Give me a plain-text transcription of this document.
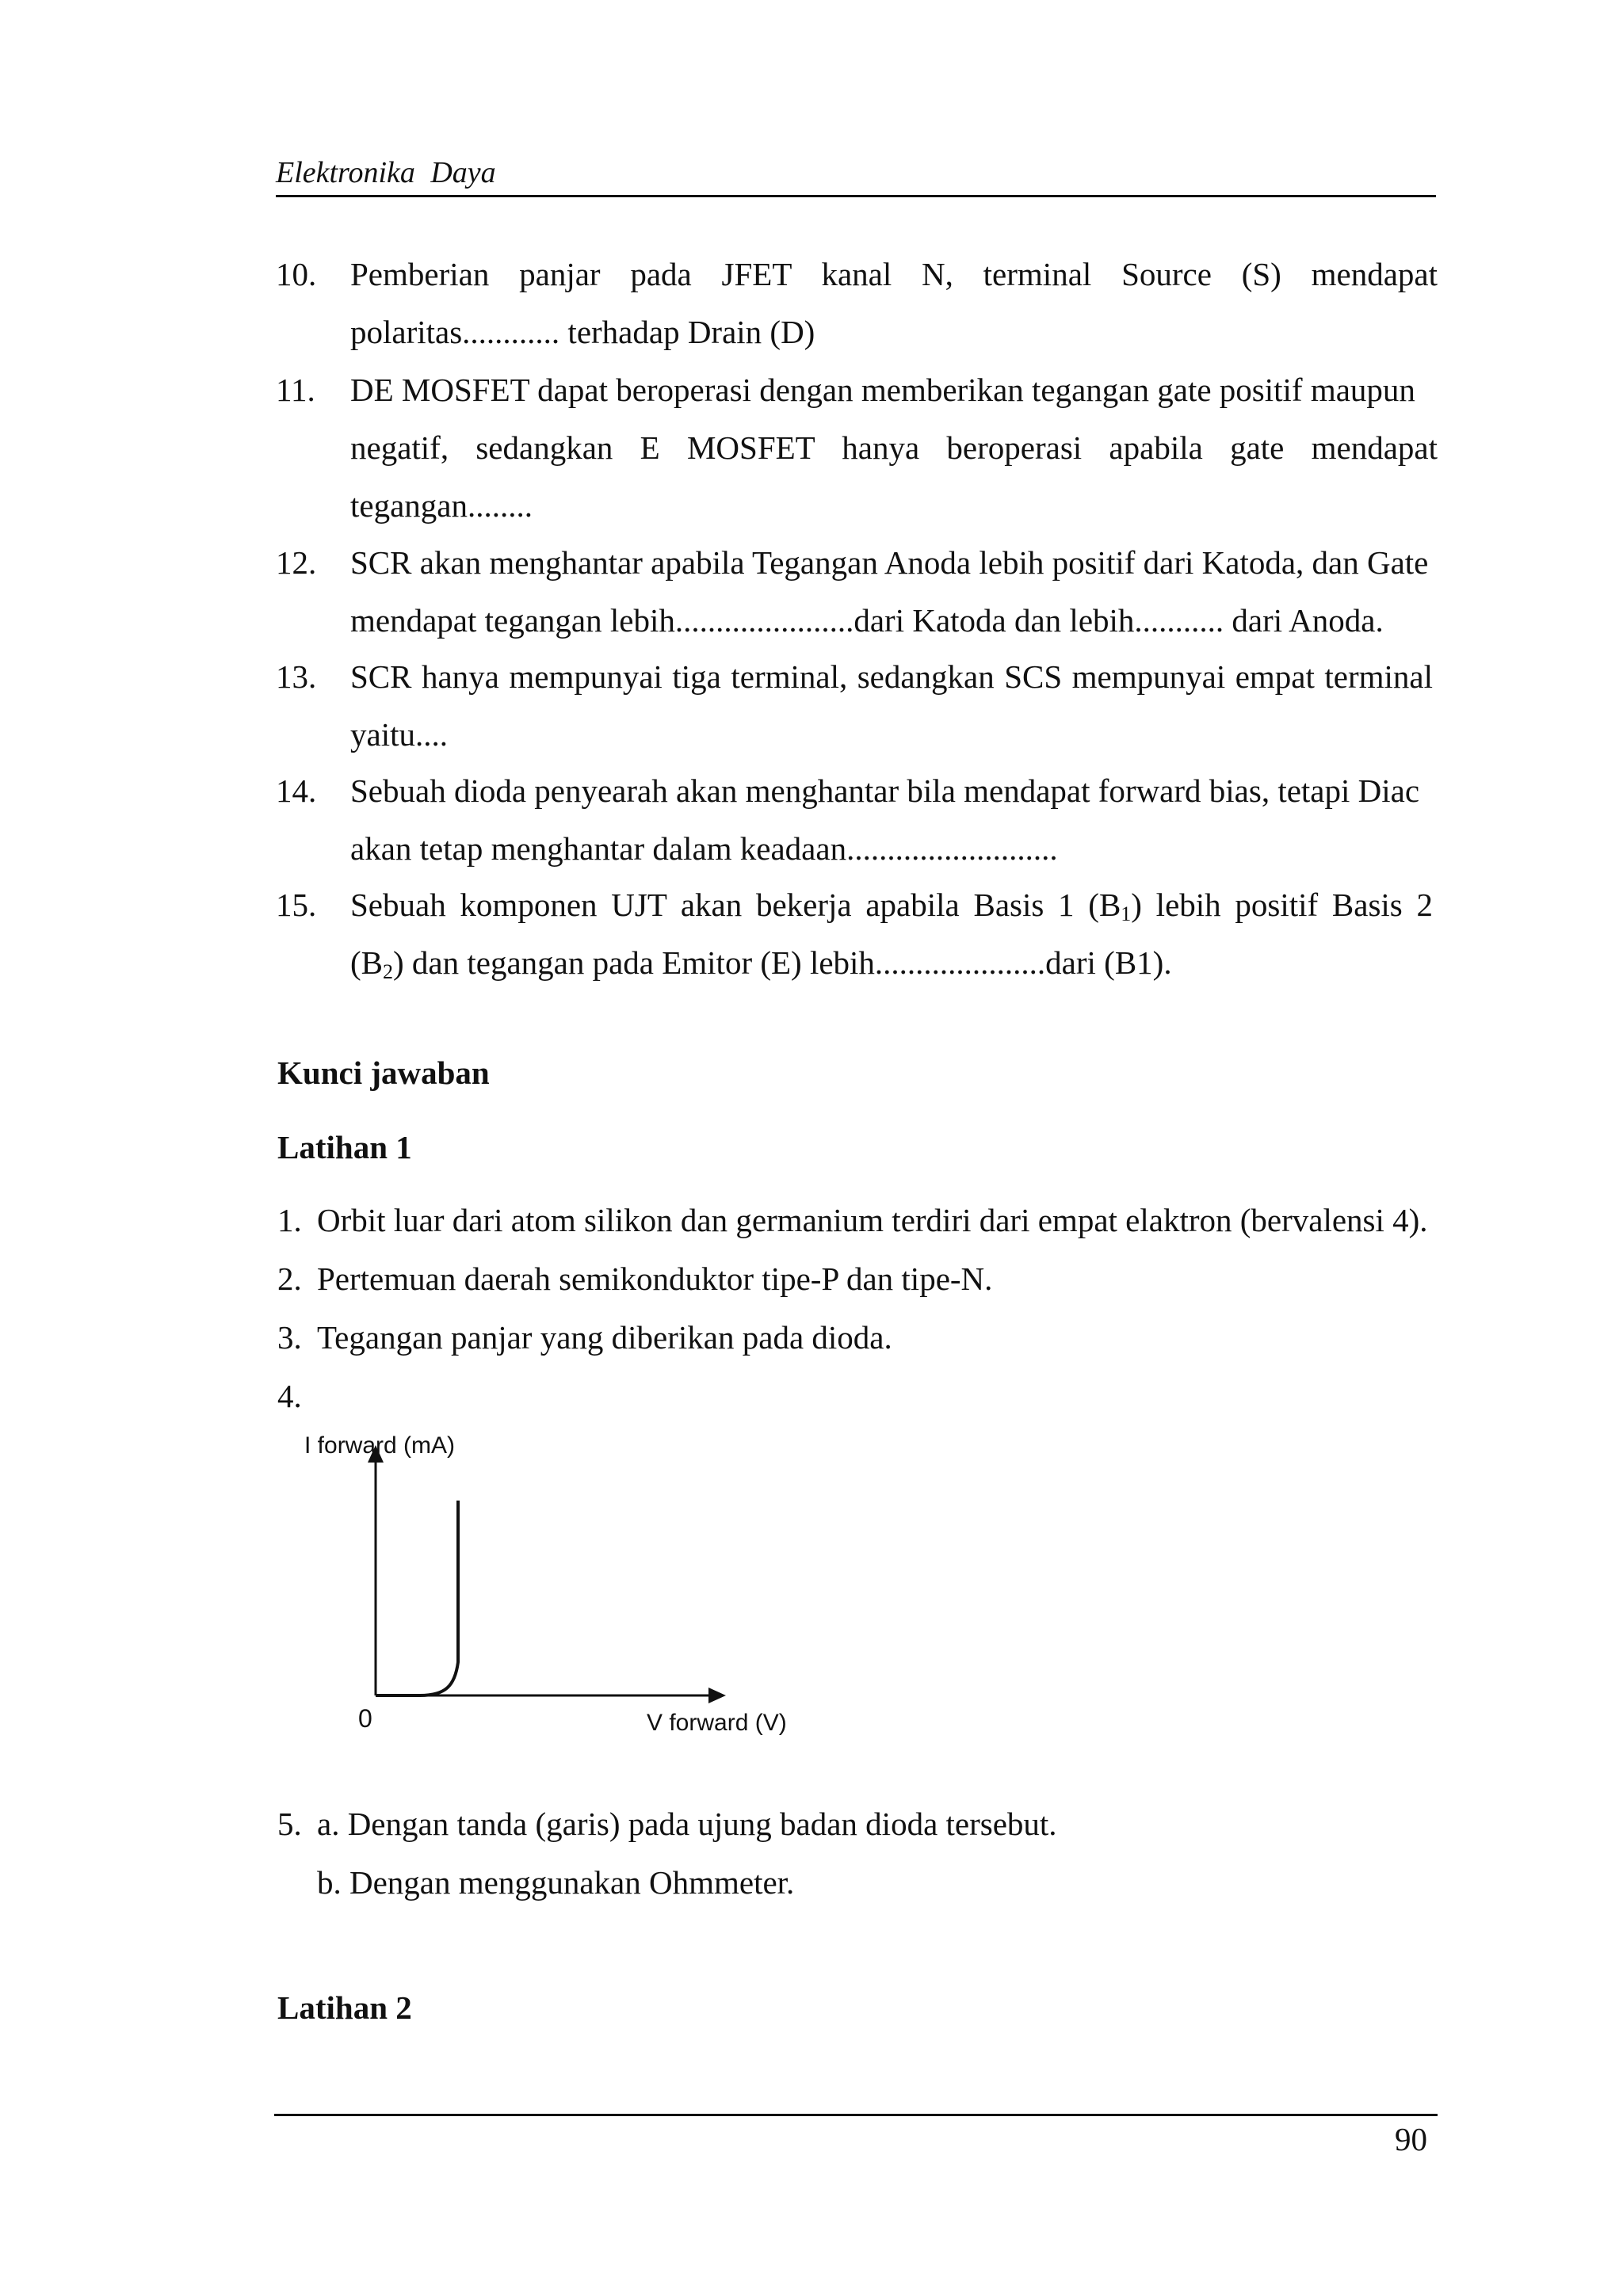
Elektronika Daya
10.	Pemberian panjar pada JFET kanal N, terminal Source (S) mendapat
polaritas............ terhadap Drain (D)
11.	DE MOSFET dapat beroperasi dengan memberikan tegangan gate positif maupun
negatif, sedangkan E MOSFET hanya beroperasi apabila gate mendapat
tegangan........
12.	SCR akan menghantar apabila Tegangan Anoda lebih positif dari Katoda, dan Gate
mendapat tegangan lebih......................dari Katoda dan lebih........... dari Anoda.
13.	SCR hanya mempunyai tiga terminal, sedangkan SCS mempunyai empat terminal
yaitu....
14.	Sebuah dioda penyearah akan menghantar bila mendapat forward bias, tetapi Diac
akan tetap menghantar dalam keadaan..........................
15.	Sebuah komponen UJT akan bekerja apabila Basis 1 $(B_1)$ lebih positif Basis 2
$(B_2)$ dan tegangan pada Emitor (E) lebih.....................dari (B1).
Kunci jawaban
Latihan 1
1. Orbit luar dari atom silikon dan germanium terdiri dari empat elaktron (bervalensi 4).
2. Pertemuan daerah semikonduktor tipe-P dan tipe-N.
3. Tegangan panjar yang diberikan pada dioda.
4.
I forward (mA)
0	V forward (V)
5. a. Dengan tanda (garis) pada ujung badan dioda tersebut.
b. Dengan menggunakan Ohmmeter.
Latihan 2
90
